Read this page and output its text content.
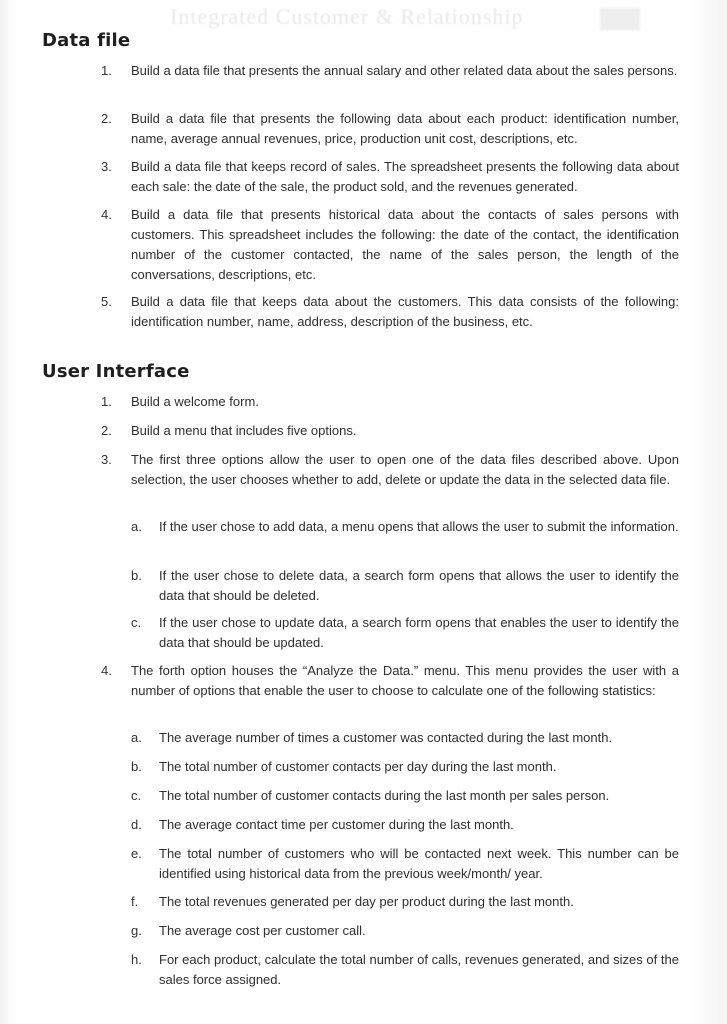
Integrated Customer & Relationship
Data file
1. Build a data file that presents the annual salary and other related data about the sales persons.
2. Build a data file that presents the following data about each product: identification number, name, average annual revenues, price, production unit cost, descriptions, etc.
3. Build a data file that keeps record of sales. The spreadsheet presents the following data about each sale: the date of the sale, the product sold, and the revenues generated.
4. Build a data file that presents historical data about the contacts of sales persons with customers. This spreadsheet includes the following: the date of the contact, the identification number of the customer contacted, the name of the sales person, the length of the conversations, descriptions, etc.
5. Build a data file that keeps data about the customers. This data consists of the following: identification number, name, address, description of the business, etc.
User Interface
1. Build a welcome form.
2. Build a menu that includes five options.
3. The first three options allow the user to open one of the data files described above. Upon selection, the user chooses whether to add, delete or update the data in the selected data file.
a. If the user chose to add data, a menu opens that allows the user to submit the information.
b. If the user chose to delete data, a search form opens that allows the user to identify the data that should be deleted.
c. If the user chose to update data, a search form opens that enables the user to identify the data that should be updated.
4. The forth option houses the “Analyze the Data.” menu. This menu provides the user with a number of options that enable the user to choose to calculate one of the following statistics:
a. The average number of times a customer was contacted during the last month.
b. The total number of customer contacts per day during the last month.
c. The total number of customer contacts during the last month per sales person.
d. The average contact time per customer during the last month.
e. The total number of customers who will be contacted next week. This number can be identified using historical data from the previous week/month/ year.
f. The total revenues generated per day per product during the last month.
g. The average cost per customer call.
h. For each product, calculate the total number of calls, revenues generated, and sizes of the sales force assigned.
